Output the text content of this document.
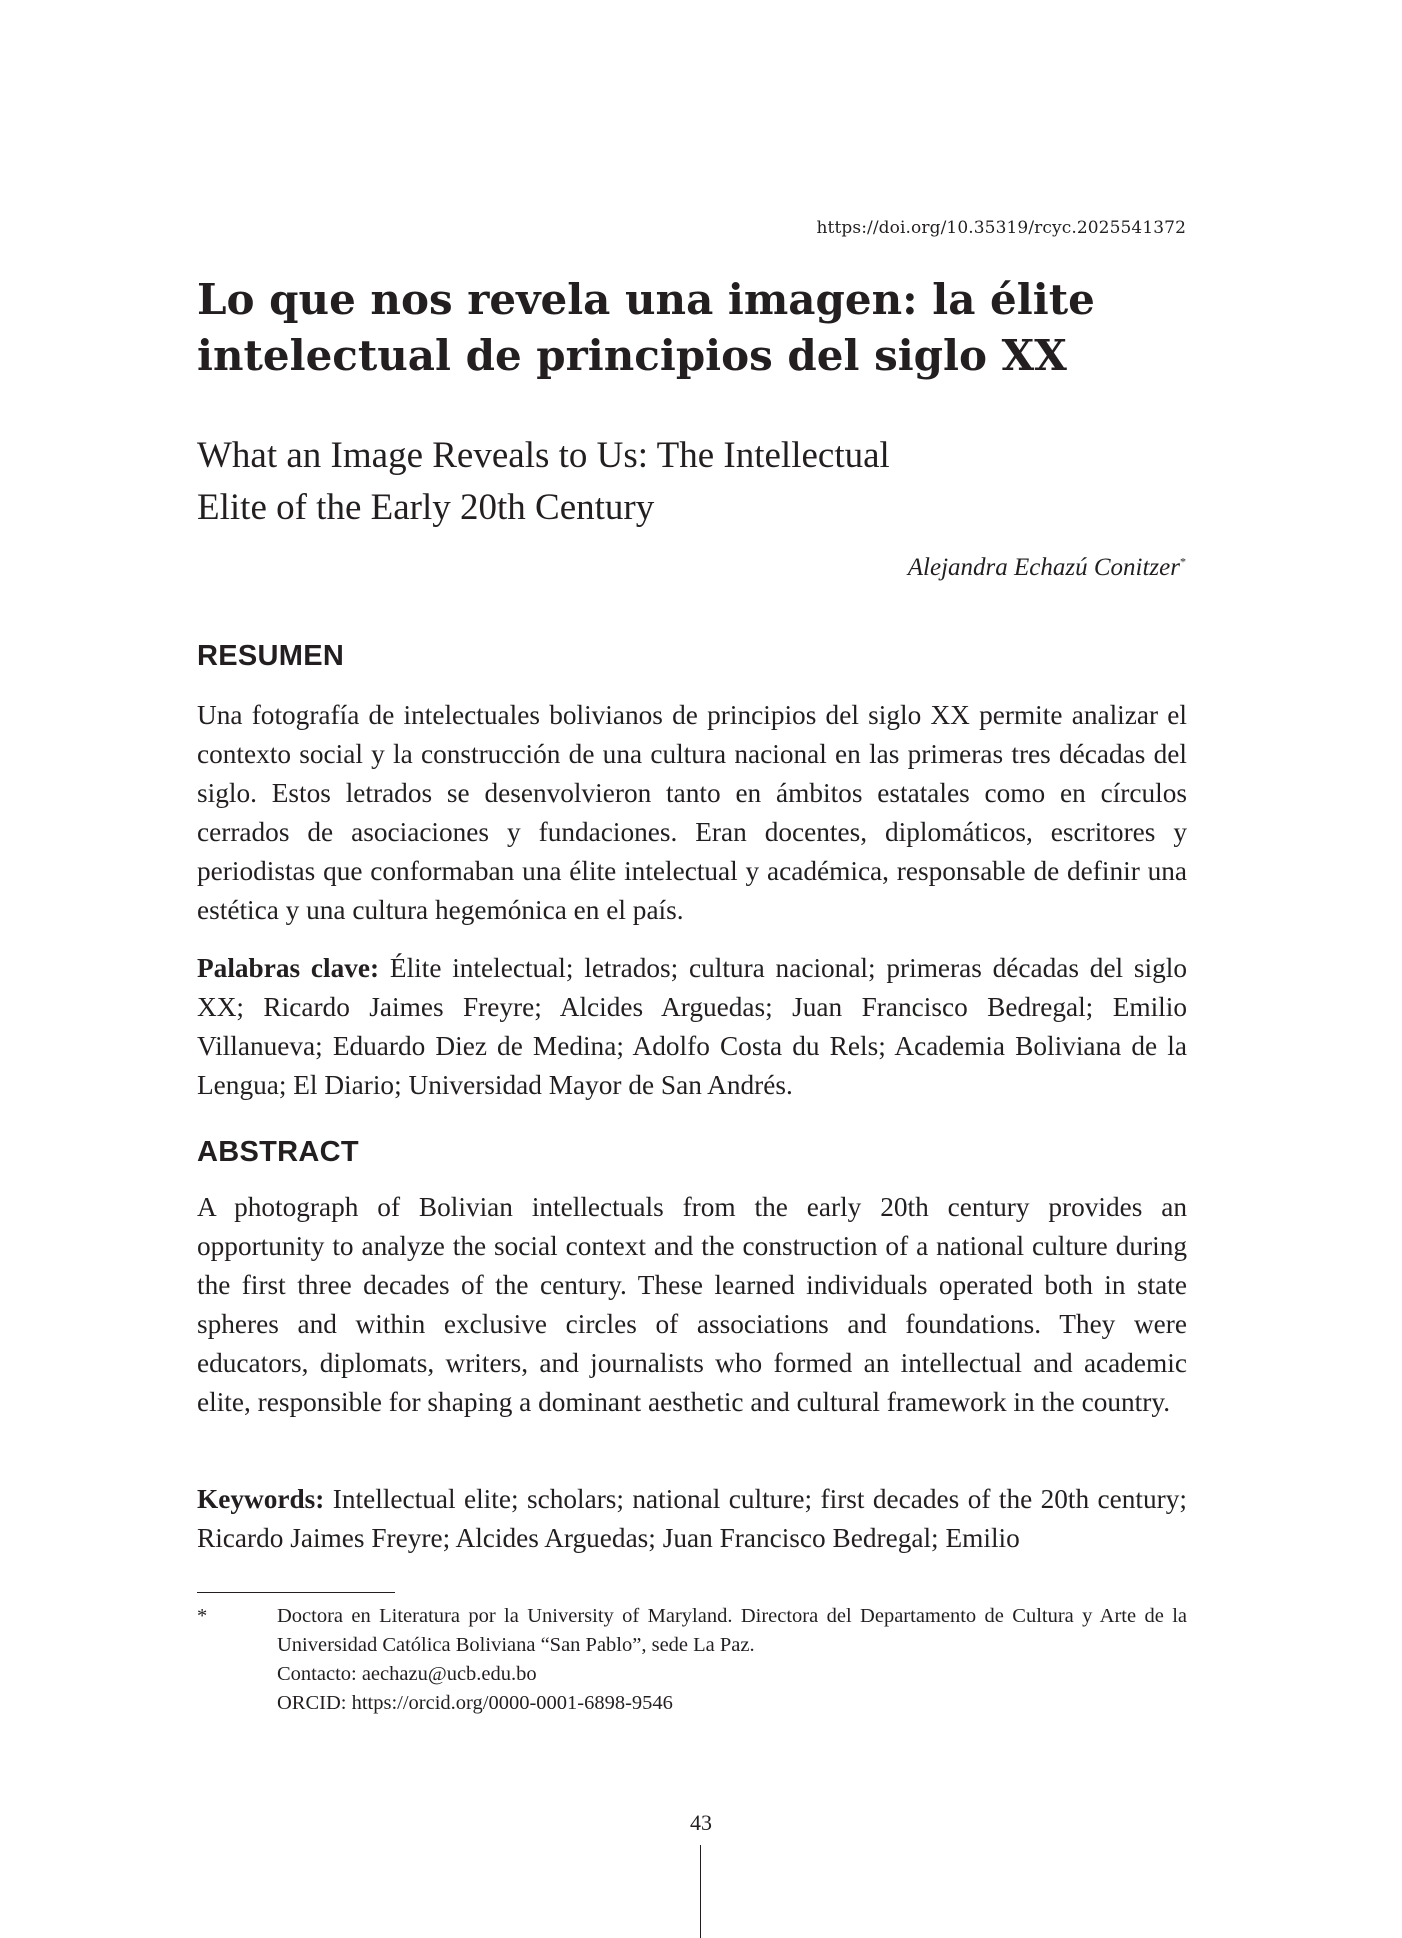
https://doi.org/10.35319/rcyc.2025541372
Lo que nos revela una imagen: la élite
intelectual de principios del siglo XX
What an Image Reveals to Us: The Intellectual
Elite of the Early 20th Century
Alejandra Echazú Conitzer*
RESUMEN

Una fotografía de intelectuales bolivianos de principios del siglo XX permite analizar el contexto social y la construcción de una cultura nacional en las primeras tres décadas del siglo. Estos letrados se desenvolvieron tanto en ámbitos estatales como en círculos cerrados de asociaciones y fundaciones. Eran docentes, diplomáticos, escritores y periodistas que conformaban una élite intelectual y académica, responsable de definir una estética y una cultura hegemónica en el país.

Palabras clave: Élite intelectual; letrados; cultura nacional; primeras décadas del siglo XX; Ricardo Jaimes Freyre; Alcides Arguedas; Juan Francisco Bedregal; Emilio Villanueva; Eduardo Diez de Medina; Adolfo Costa du Rels; Academia Boliviana de la Lengua; El Diario; Universidad Mayor de San Andrés.

ABSTRACT

A photograph of Bolivian intellectuals from the early 20th century provides an opportunity to analyze the social context and the construction of a national culture during the first three decades of the century. These learned individuals operated both in state spheres and within exclusive circles of associations and foundations. They were educators, diplomats, writers, and journalists who formed an intellectual and academic elite, responsible for shaping a dominant aesthetic and cultural framework in the country.

Keywords: Intellectual elite; scholars; national culture; first decades of the 20th century; Ricardo Jaimes Freyre; Alcides Arguedas; Juan Francisco Bedregal; Emilio

*	Doctora en Literatura por la University of Maryland. Directora del Departamento de Cultura y Arte de la Universidad Católica Boliviana “San Pablo”, sede La Paz.
Contacto: aechazu@ucb.edu.bo
ORCID: https://orcid.org/0000-0001-6898-9546
43
